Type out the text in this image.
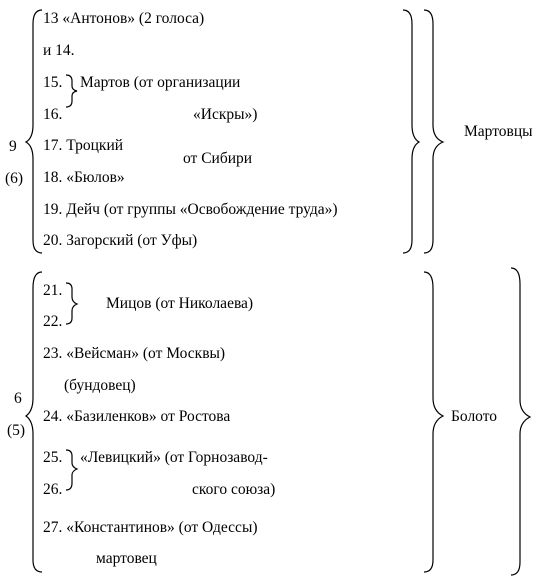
13 «Антонов» (2 голоса)
и 14.
15.
16.
Мартов (от организации
«Искры»)
17. Троцкий
18. «Бюлов»
от Сибири
19. Дейч (от группы «Освобождение труда»)
20. Загорский (от Уфы)
9
(6)
Мартовцы
21.
22.
Мицов (от Николаева)
23. «Вейсман» (от Москвы)
(бундовец)
24. «Базиленков» от Ростова
25.
26.
«Левицкий» (от Горнозавод-
ского союза)
27. «Константинов» (от Одессы)
мартовец
6
(5)
Болото
